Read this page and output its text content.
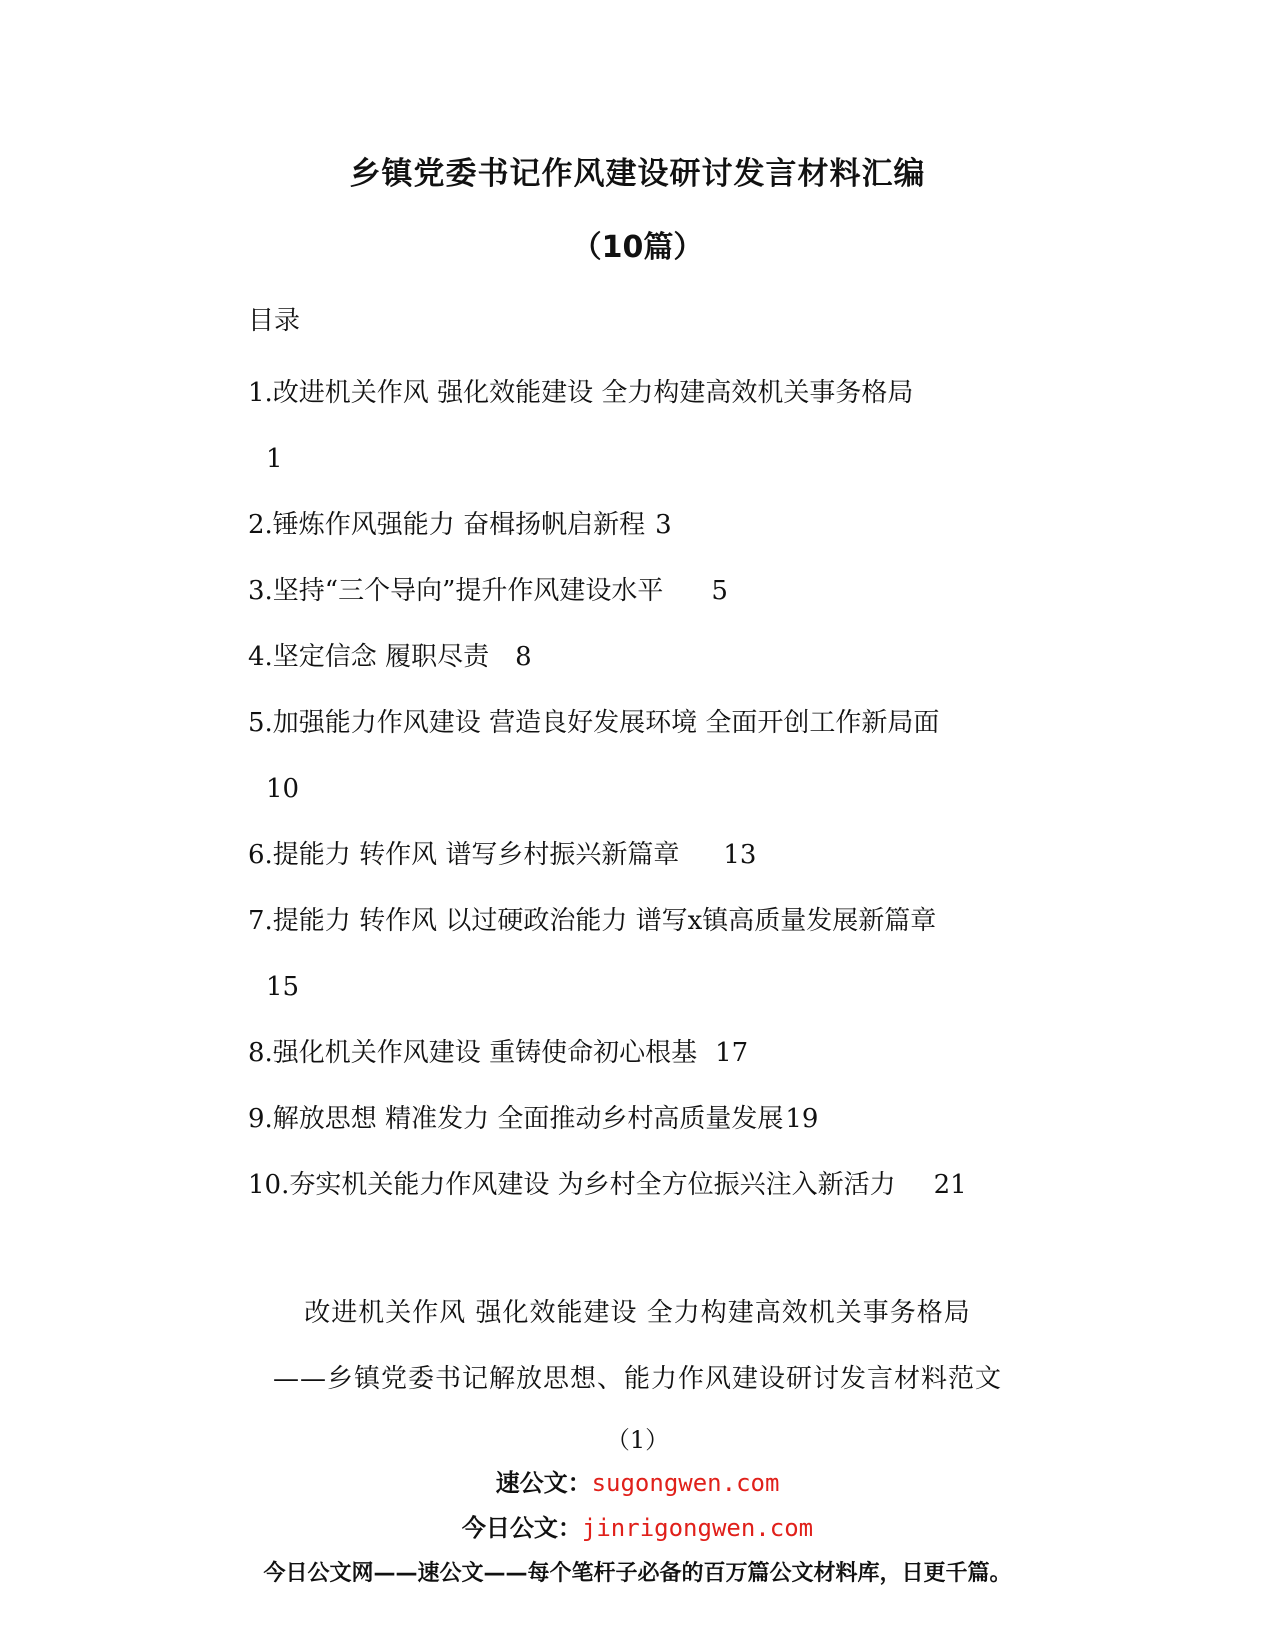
乡镇党委书记作风建设研讨发言材料汇编
（10篇）
目录
1.改进机关作风 强化效能建设 全力构建高效机关事务格局
1
2.锤炼作风强能力 奋楫扬帆启新程 3
3.坚持“三个导向”提升作风建设水平 5
4.坚定信念 履职尽责 8
5.加强能力作风建设 营造良好发展环境 全面开创工作新局面
10
6.提能力 转作风 谱写乡村振兴新篇章 13
7.提能力 转作风 以过硬政治能力 谱写x镇高质量发展新篇章
15
8.强化机关作风建设 重铸使命初心根基 17
9.解放思想 精准发力 全面推动乡村高质量发展19
10.夯实机关能力作风建设 为乡村全方位振兴注入新活力 21
改进机关作风 强化效能建设 全力构建高效机关事务格局
——乡镇党委书记解放思想、能力作风建设研讨发言材料范文
（1）
速公文：sugongwen.com
今日公文：jinrigongwen.com
今日公文网——速公文——每个笔杆子必备的百万篇公文材料库，日更千篇。
